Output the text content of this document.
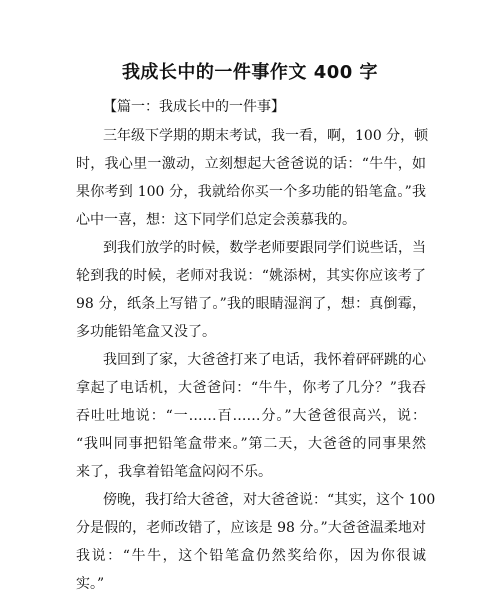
我成长中的一件事作文 400 字
【篇一：我成长中的一件事】
三年级下学期的期末考试，我一看，啊，100 分，顿
时，我心里一激动，立刻想起大爸爸说的话：“牛牛，如
果你考到 100 分，我就给你买一个多功能的铅笔盒。”我
心中一喜，想：这下同学们总定会羡慕我的。
到我们放学的时候，数学老师要跟同学们说些话，当
轮到我的时候，老师对我说：“姚添树，其实你应该考了
98 分，纸条上写错了。”我的眼睛湿润了，想：真倒霉，
多功能铅笔盒又没了。
我回到了家，大爸爸打来了电话，我怀着砰砰跳的心
拿起了电话机，大爸爸问：“牛牛，你考了几分？”我吞
吞吐吐地说：“一……百……分。”大爸爸很高兴，说：
“我叫同事把铅笔盒带来。”第二天，大爸爸的同事果然
来了，我拿着铅笔盒闷闷不乐。
傍晚，我打给大爸爸，对大爸爸说：“其实，这个 100
分是假的，老师改错了，应该是 98 分。”大爸爸温柔地对
我说：“牛牛，这个铅笔盒仍然奖给你，因为你很诚
实。”
